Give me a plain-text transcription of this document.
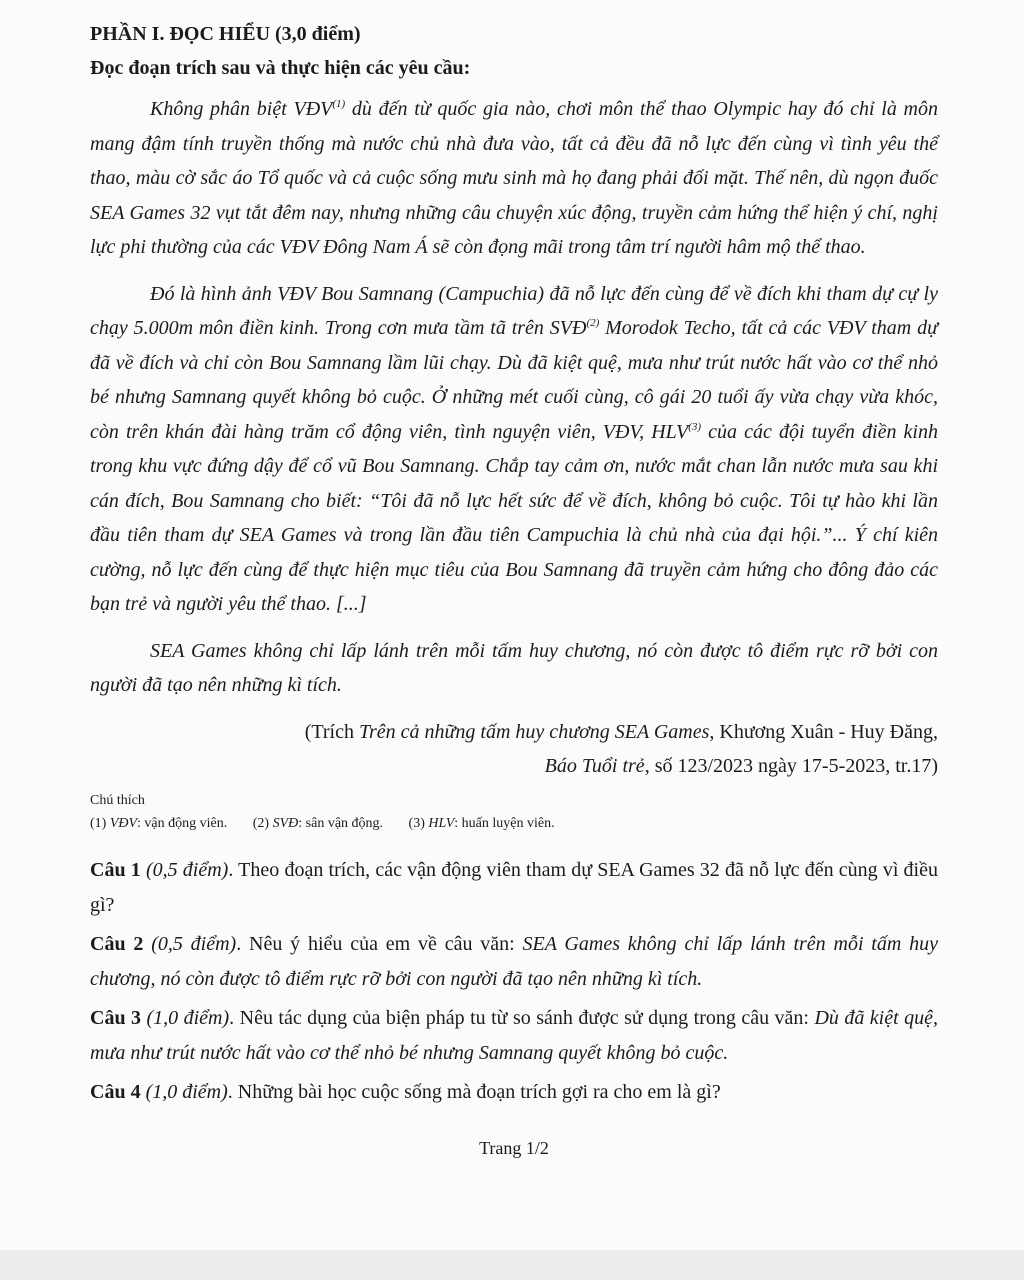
PHẦN I. ĐỌC HIỂU (3,0 điểm)
Đọc đoạn trích sau và thực hiện các yêu cầu:

Không phân biệt VĐV$^{(1)}$ dù đến từ quốc gia nào, chơi môn thể thao Olympic hay đó chỉ là môn mang đậm tính truyền thống mà nước chủ nhà đưa vào, tất cả đều đã nỗ lực đến cùng vì tình yêu thể thao, màu cờ sắc áo Tổ quốc và cả cuộc sống mưu sinh mà họ đang phải đối mặt. Thế nên, dù ngọn đuốc SEA Games 32 vụt tắt đêm nay, nhưng những câu chuyện xúc động, truyền cảm hứng thể hiện ý chí, nghị lực phi thường của các VĐV Đông Nam Á sẽ còn đọng mãi trong tâm trí người hâm mộ thể thao.

Đó là hình ảnh VĐV Bou Samnang (Campuchia) đã nỗ lực đến cùng để về đích khi tham dự cự ly chạy 5.000m môn điền kinh. Trong cơn mưa tầm tã trên SVĐ$^{(2)}$ Morodok Techo, tất cả các VĐV tham dự đã về đích và chỉ còn Bou Samnang lầm lũi chạy. Dù đã kiệt quệ, mưa như trút nước hất vào cơ thể nhỏ bé nhưng Samnang quyết không bỏ cuộc. Ở những mét cuối cùng, cô gái 20 tuổi ấy vừa chạy vừa khóc, còn trên khán đài hàng trăm cổ động viên, tình nguyện viên, VĐV, HLV$^{(3)}$ của các đội tuyển điền kinh trong khu vực đứng dậy để cổ vũ Bou Samnang. Chắp tay cảm ơn, nước mắt chan lẫn nước mưa sau khi cán đích, Bou Samnang cho biết: “Tôi đã nỗ lực hết sức để về đích, không bỏ cuộc. Tôi tự hào khi lần đầu tiên tham dự SEA Games và trong lần đầu tiên Campuchia là chủ nhà của đại hội.”... Ý chí kiên cường, nỗ lực đến cùng để thực hiện mục tiêu của Bou Samnang đã truyền cảm hứng cho đông đảo các bạn trẻ và người yêu thể thao. [...]

SEA Games không chỉ lấp lánh trên mỗi tấm huy chương, nó còn được tô điểm rực rỡ bởi con người đã tạo nên những kì tích.

(Trích Trên cả những tấm huy chương SEA Games, Khương Xuân - Huy Đăng,
Báo Tuổi trẻ, số 123/2023 ngày 17-5-2023, tr.17)

Chú thích

(1) VĐV: vận động viên. (2) SVĐ: sân vận động. (3) HLV: huấn luyện viên.

Câu 1 (0,5 điểm). Theo đoạn trích, các vận động viên tham dự SEA Games 32 đã nỗ lực đến cùng vì điều gì?

Câu 2 (0,5 điểm). Nêu ý hiểu của em về câu văn: SEA Games không chỉ lấp lánh trên mỗi tấm huy chương, nó còn được tô điểm rực rỡ bởi con người đã tạo nên những kì tích.

Câu 3 (1,0 điểm). Nêu tác dụng của biện pháp tu từ so sánh được sử dụng trong câu văn: Dù đã kiệt quệ, mưa như trút nước hất vào cơ thể nhỏ bé nhưng Samnang quyết không bỏ cuộc.

Câu 4 (1,0 điểm). Những bài học cuộc sống mà đoạn trích gợi ra cho em là gì?

Trang 1/2
